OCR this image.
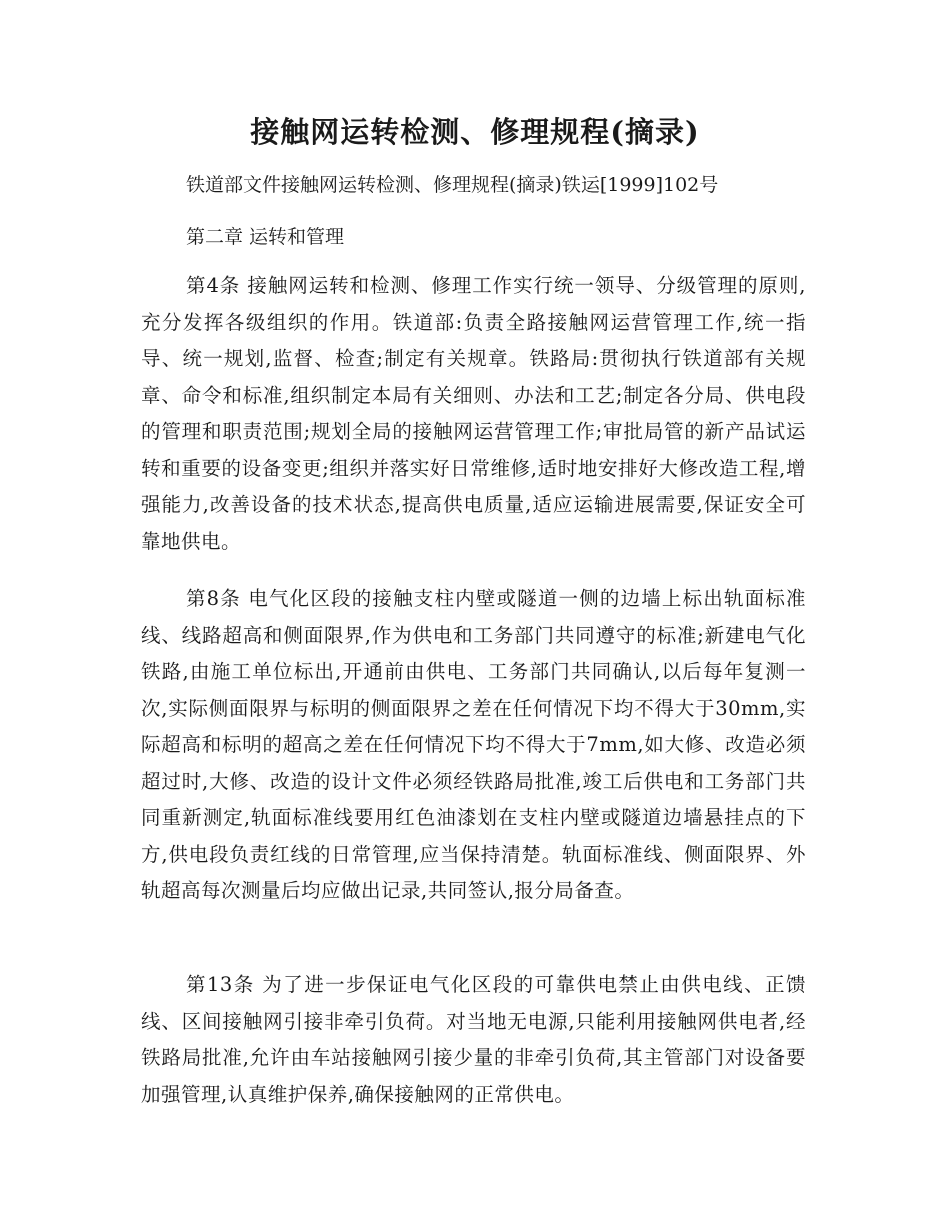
接触网运转检测、修理规程(摘录)

铁道部文件接触网运转检测、修理规程(摘录)铁运[1999]102号

第二章 运转和管理

第4条 接触网运转和检测、修理工作实行统一领导、分级管理的原则,充分发挥各级组织的作用。铁道部:负责全路接触网运营管理工作,统一指导、统一规划,监督、检查;制定有关规章。铁路局:贯彻执行铁道部有关规章、命令和标准,组织制定本局有关细则、办法和工艺;制定各分局、供电段的管理和职责范围;规划全局的接触网运营管理工作;审批局管的新产品试运转和重要的设备变更;组织并落实好日常维修,适时地安排好大修改造工程,增强能力,改善设备的技术状态,提高供电质量,适应运输进展需要,保证安全可靠地供电。

第8条 电气化区段的接触支柱内壁或隧道一侧的边墙上标出轨面标准线、线路超高和侧面限界,作为供电和工务部门共同遵守的标准;新建电气化铁路,由施工单位标出,开通前由供电、工务部门共同确认,以后每年复测一次,实际侧面限界与标明的侧面限界之差在任何情况下均不得大于30mm,实际超高和标明的超高之差在任何情况下均不得大于7mm,如大修、改造必须超过时,大修、改造的设计文件必须经铁路局批准,竣工后供电和工务部门共同重新测定,轨面标准线要用红色油漆划在支柱内壁或隧道边墙悬挂点的下方,供电段负责红线的日常管理,应当保持清楚。轨面标准线、侧面限界、外轨超高每次测量后均应做出记录,共同签认,报分局备查。

第13条 为了进一步保证电气化区段的可靠供电禁止由供电线、正馈线、区间接触网引接非牵引负荷。对当地无电源,只能利用接触网供电者,经铁路局批准,允许由车站接触网引接少量的非牵引负荷,其主管部门对设备要加强管理,认真维护保养,确保接触网的正常供电。
